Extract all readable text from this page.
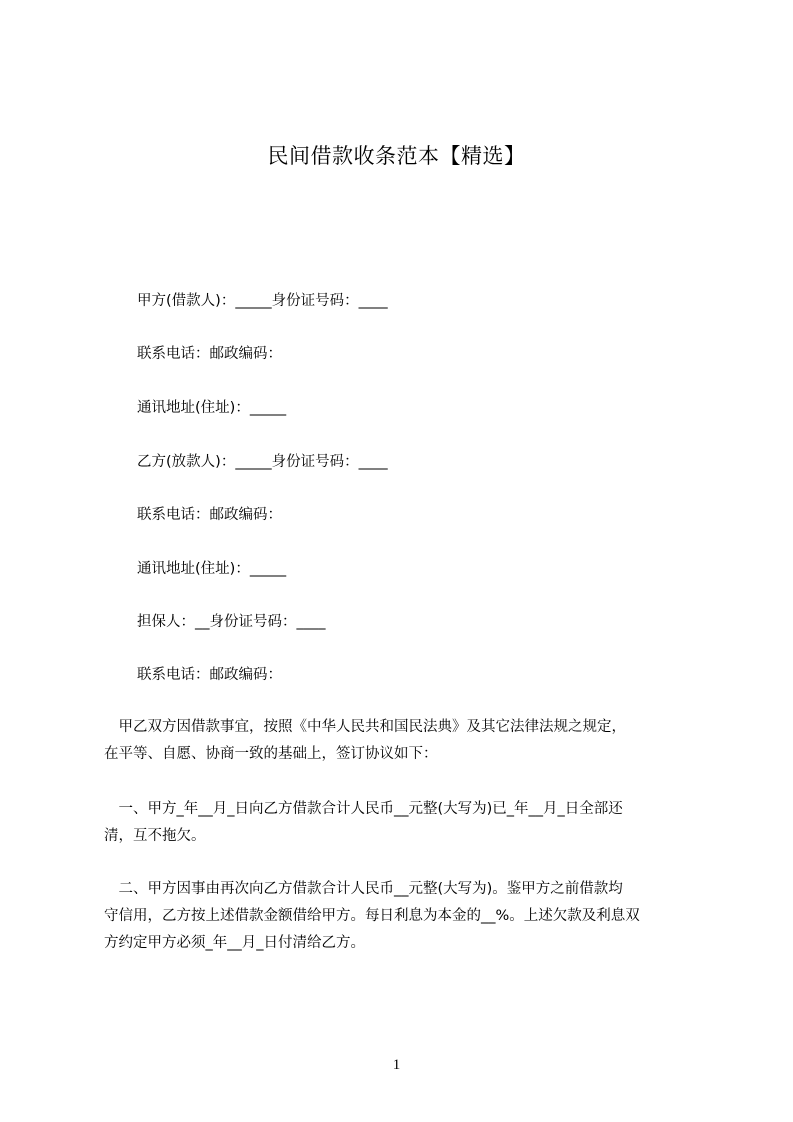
民间借款收条范本【精选】
甲方(借款人)：_____身份证号码：____
联系电话：邮政编码：
通讯地址(住址)：_____
乙方(放款人)：_____身份证号码：____
联系电话：邮政编码：
通讯地址(住址)：_____
担保人：__身份证号码：____
联系电话：邮政编码：
　甲乙双方因借款事宜，按照《中华人民共和国民法典》及其它法律法规之规定，
在平等、自愿、协商一致的基础上，签订协议如下：
　一、甲方_年__月_日向乙方借款合计人民币__元整(大写为)已_年__月_日全部还
清，互不拖欠。
　二、甲方因事由再次向乙方借款合计人民币__元整(大写为)。鉴甲方之前借款均
守信用，乙方按上述借款金额借给甲方。每日利息为本金的__%。上述欠款及利息双
方约定甲方必须_年__月_日付清给乙方。
1
